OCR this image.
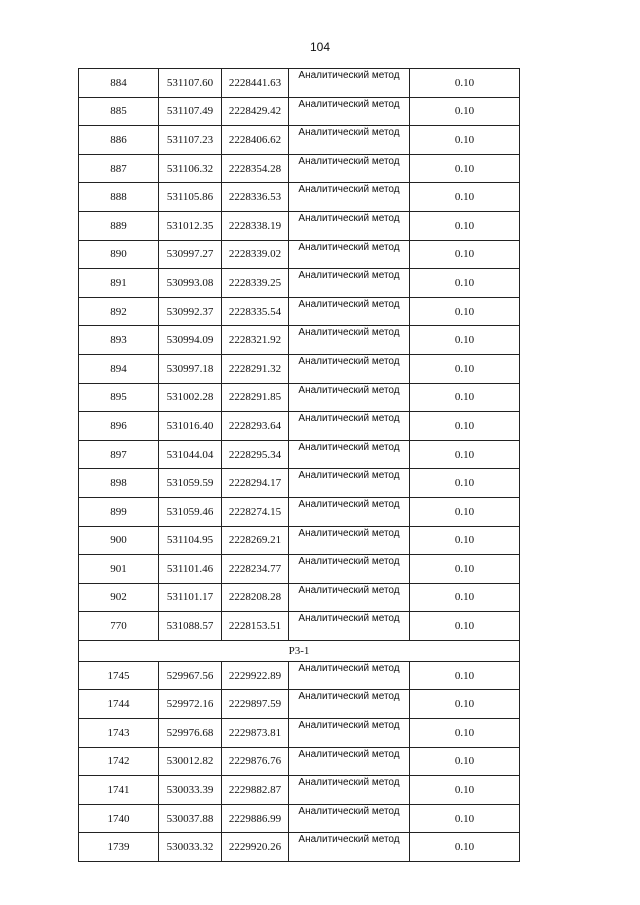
104
884	531107.60	2228441.63	Аналитический метод	0.10
885	531107.49	2228429.42	Аналитический метод	0.10
886	531107.23	2228406.62	Аналитический метод	0.10
887	531106.32	2228354.28	Аналитический метод	0.10
888	531105.86	2228336.53	Аналитический метод	0.10
889	531012.35	2228338.19	Аналитический метод	0.10
890	530997.27	2228339.02	Аналитический метод	0.10
891	530993.08	2228339.25	Аналитический метод	0.10
892	530992.37	2228335.54	Аналитический метод	0.10
893	530994.09	2228321.92	Аналитический метод	0.10
894	530997.18	2228291.32	Аналитический метод	0.10
895	531002.28	2228291.85	Аналитический метод	0.10
896	531016.40	2228293.64	Аналитический метод	0.10
897	531044.04	2228295.34	Аналитический метод	0.10
898	531059.59	2228294.17	Аналитический метод	0.10
899	531059.46	2228274.15	Аналитический метод	0.10
900	531104.95	2228269.21	Аналитический метод	0.10
901	531101.46	2228234.77	Аналитический метод	0.10
902	531101.17	2228208.28	Аналитический метод	0.10
770	531088.57	2228153.51	Аналитический метод	0.10
Р3-1				
1745	529967.56	2229922.89	Аналитический метод	0.10
1744	529972.16	2229897.59	Аналитический метод	0.10
1743	529976.68	2229873.81	Аналитический метод	0.10
1742	530012.82	2229876.76	Аналитический метод	0.10
1741	530033.39	2229882.87	Аналитический метод	0.10
1740	530037.88	2229886.99	Аналитический метод	0.10
1739	530033.32	2229920.26	Аналитический метод	0.10
